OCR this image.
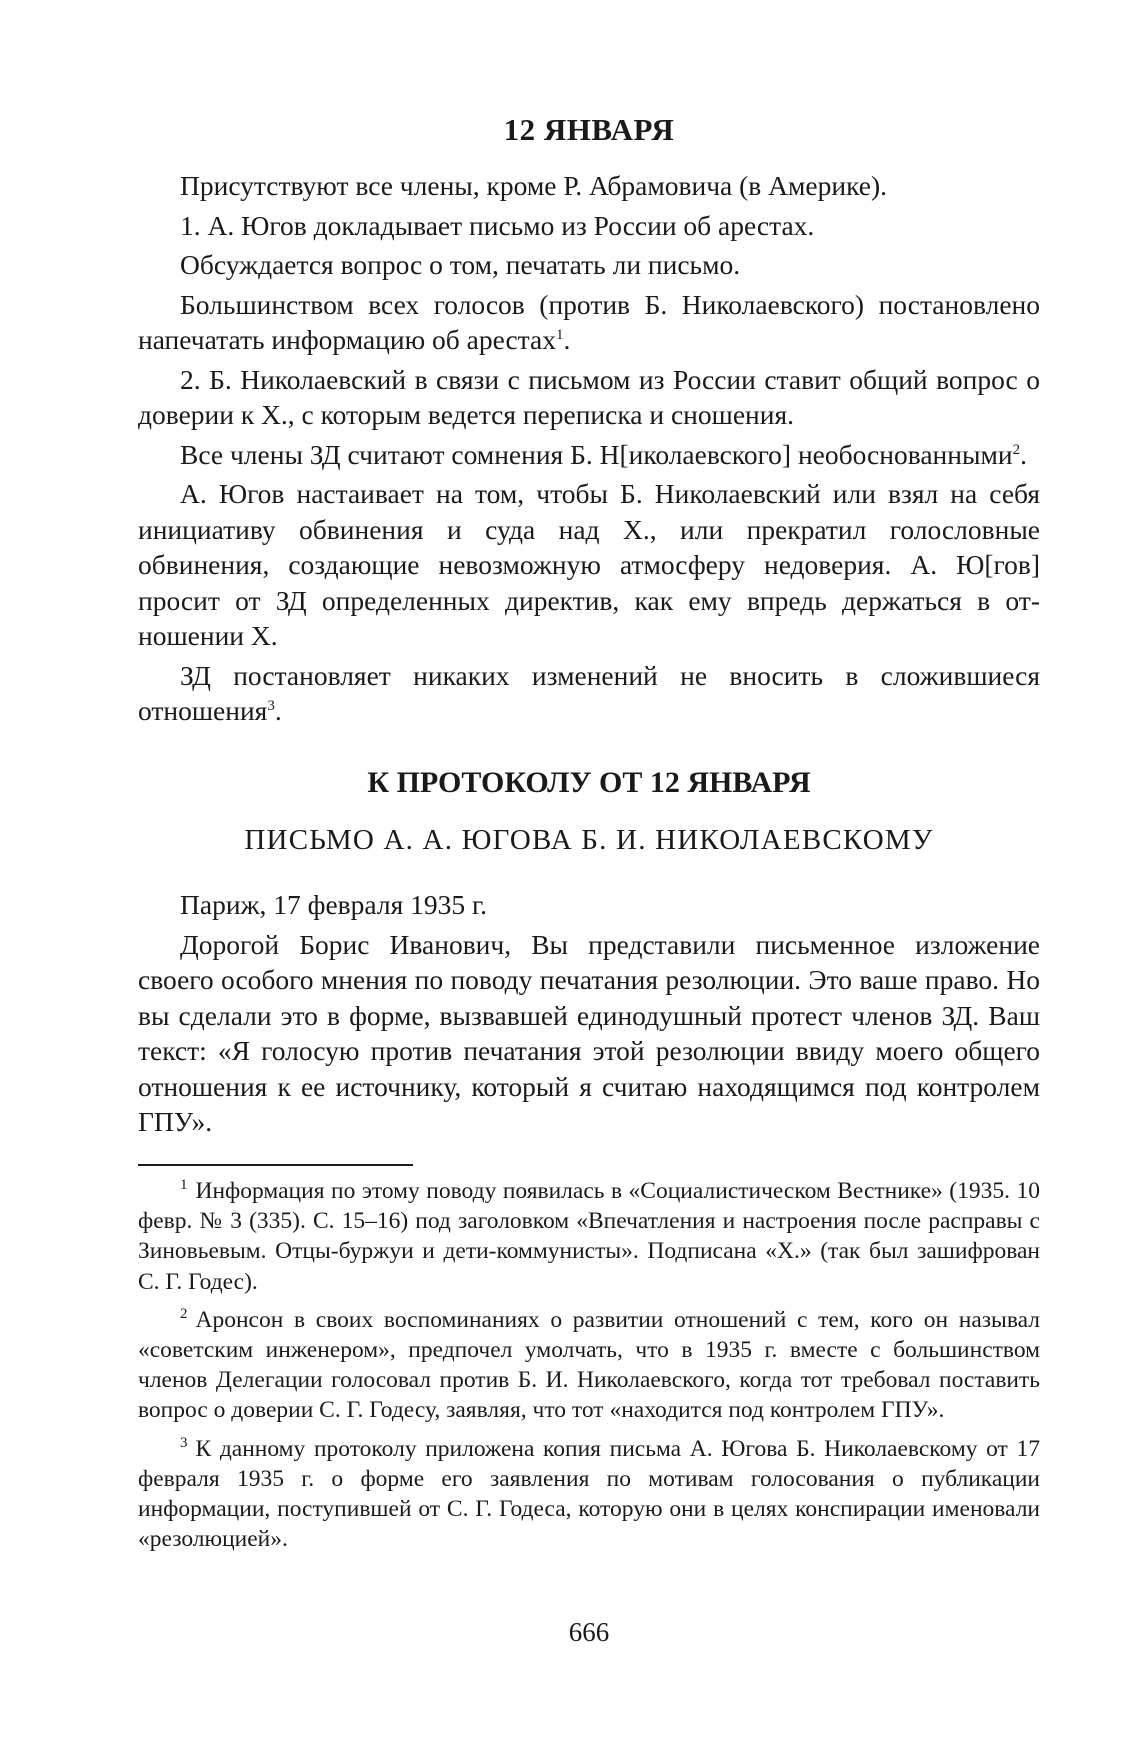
12 ЯНВАРЯ

Присутствуют все члены, кроме Р. Абрамовича (в Америке).

1. А. Югов докладывает письмо из России об арестах.

Обсуждается вопрос о том, печатать ли письмо.

Большинством всех голосов (против Б. Николаевского) постановлено напечатать информацию об арестах$^1$.

2. Б. Николаевский в связи с письмом из России ставит общий вопрос о доверии к Х., с которым ведется переписка и сношения.

Все члены ЗД считают сомнения Б. Н[иколаевского] необоснованными$^2$.

А. Югов настаивает на том, чтобы Б. Николаевский или взял на себя инициативу обвинения и суда над Х., или прекратил голословные обвинения, создающие невозможную атмосферу недоверия. А. Ю[гов] просит от ЗД определенных директив, как ему впредь держаться в отношении Х.

ЗД постановляет никаких изменений не вносить в сложившиеся отношения$^3$.

К ПРОТОКОЛУ ОТ 12 ЯНВАРЯ
ПИСЬМО А. А. ЮГОВА Б. И. НИКОЛАЕВСКОМУ

Париж, 17 февраля 1935 г.

Дорогой Борис Иванович, Вы представили письменное изложение своего особого мнения по поводу печатания резолюции. Это ваше право. Но вы сделали это в форме, вызвавшей единодушный протест членов ЗД. Ваш текст: «Я голосую против печатания этой резолюции ввиду моего общего отношения к ее источнику, который я считаю находящимся под контролем ГПУ».

$^1$ Информация по этому поводу появилась в «Социалистическом Вестнике» (1935. 10 февр. № 3 (335). С. 15–16) под заголовком «Впечатления и настроения после расправы с Зиновьевым. Отцы-буржуи и дети-коммунисты». Подписана «Х.» (так был зашифрован С. Г. Годес).

$^2$ Аронсон в своих воспоминаниях о развитии отношений с тем, кого он называл «советским инженером», предпочел умолчать, что в 1935 г. вместе с большинством членов Делегации голосовал против Б. И. Николаевского, когда тот требовал поставить вопрос о доверии С. Г. Годесу, заявляя, что тот «находится под контролем ГПУ».

$^3$ К данному протоколу приложена копия письма А. Югова Б. Николаевскому от 17 февраля 1935 г. о форме его заявления по мотивам голосования о публикации информации, поступившей от С. Г. Годеса, которую они в целях конспирации именовали «резолюцией».

666
